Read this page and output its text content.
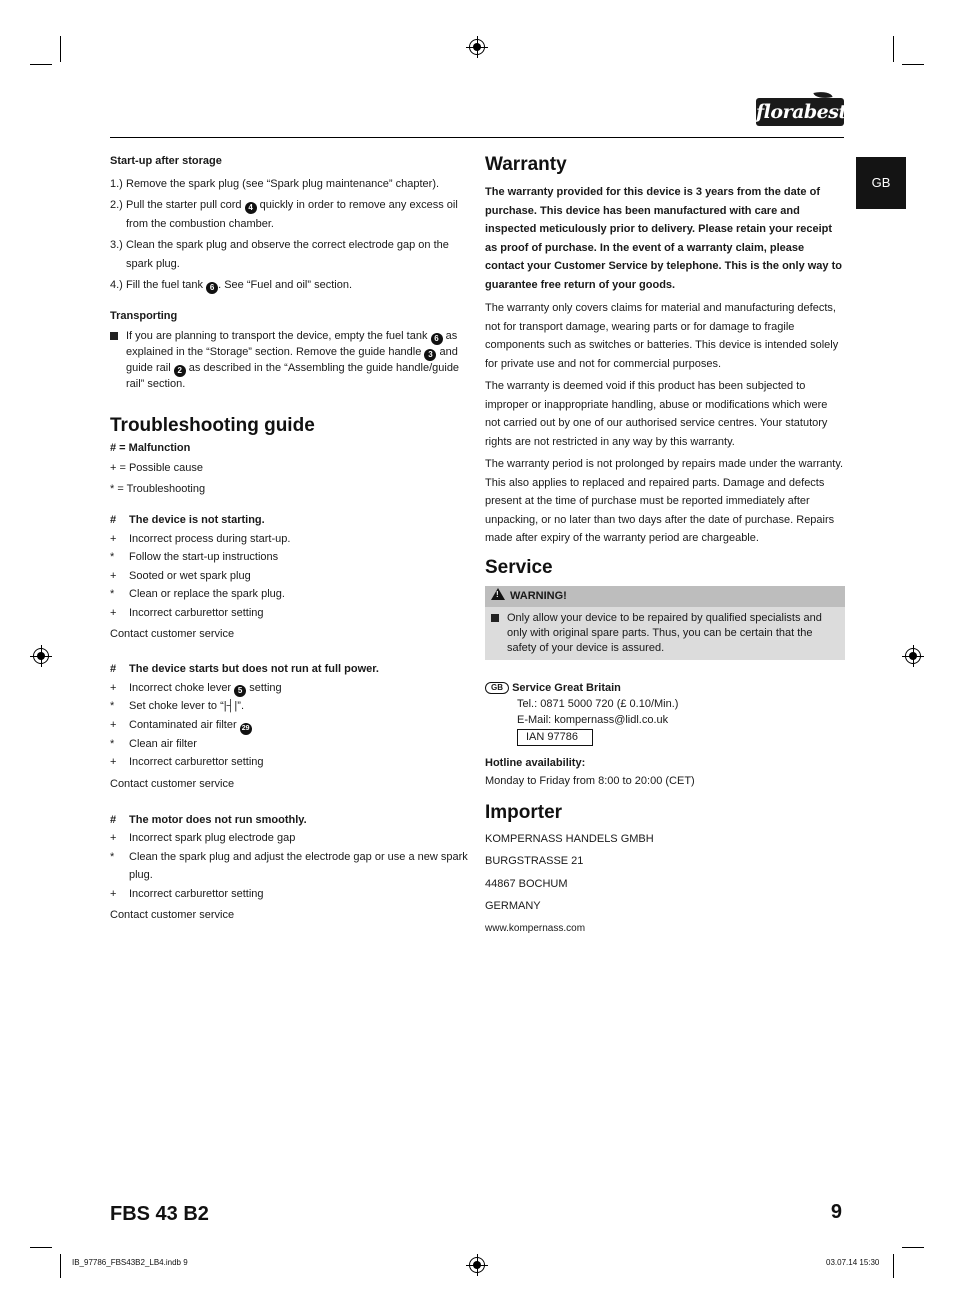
florabest
GB

Start-up after storage

1.) Remove the spark plug (see “Spark plug maintenance” chapter).
2.) Pull the starter pull cord 4 quickly in order to remove any excess oil from the combustion chamber.
3.) Clean the spark plug and observe the correct electrode gap on the spark plug.
4.) Fill the fuel tank 6 . See “Fuel and oil” section.

Transporting

If you are planning to transport the device, empty the fuel tank 6 as explained in the “Storage” section. Remove the guide handle 3 and guide rail 2 as described in the “Assembling the guide handle/guide rail” section.

Troubleshooting guide
# = Malfunction
+ = Possible cause
* = Troubleshooting
# The device is not starting.
+ Incorrect process during start-up.
* Follow the start-up instructions
+ Sooted or wet spark plug
* Clean or replace the spark plug.
+ Incorrect carburettor setting
Contact customer service
# The device starts but does not run at full power.
+ Incorrect choke lever 5 setting
* Set choke lever to “|┤|”.
+ Contaminated air filter 29
* Clean air filter
+ Incorrect carburettor setting
Contact customer service
# The motor does not run smoothly.
+ Incorrect spark plug electrode gap
* Clean the spark plug and adjust the electrode gap or use a new spark plug.
+ Incorrect carburettor setting
Contact customer service
Warranty

The warranty provided for this device is 3 years from the date of purchase. This device has been manufactured with care and inspected meticulously prior to delivery. Please retain your receipt as proof of purchase. In the event of a warranty claim, please contact your Customer Service by telephone. This is the only way to guarantee free return of your goods.

The warranty only covers claims for material and manufacturing defects, not for transport damage, wearing parts or for damage to fragile components such as switches or batteries. This device is intended solely for private use and not for commercial purposes.

The warranty is deemed void if this product has been subjected to improper or inappropriate handling, abuse or modifications which were not carried out by one of our authorised service centres. Your statutory rights are not restricted in any way by this warranty.

The warranty period is not prolonged by repairs made under the warranty. This also applies to replaced and repaired parts. Damage and defects present at the time of purchase must be reported immediately after unpacking, or no later than two days after the date of purchase. Repairs made after expiry of the warranty period are chargeable.

Service
!WARNING!

Only allow your device to be repaired by qualified specialists and only with original spare parts. Thus, you can be certain that the safety of your device is assured.

GB Service Great Britain
Tel.: 0871 5000 720 (£ 0.10/Min.)
E-Mail: kompernass@lidl.co.uk
IAN 97786
Hotline availability:
Monday to Friday from 8:00 to 20:00 (CET)
Importer
KOMPERNASS HANDELS GMBH
BURGSTRASSE 21
44867 BOCHUM
GERMANY
www.kompernass.com
FBS 43 B2	9
IB_97786_FBS43B2_LB4.indb 9	03.07.14 15:30
